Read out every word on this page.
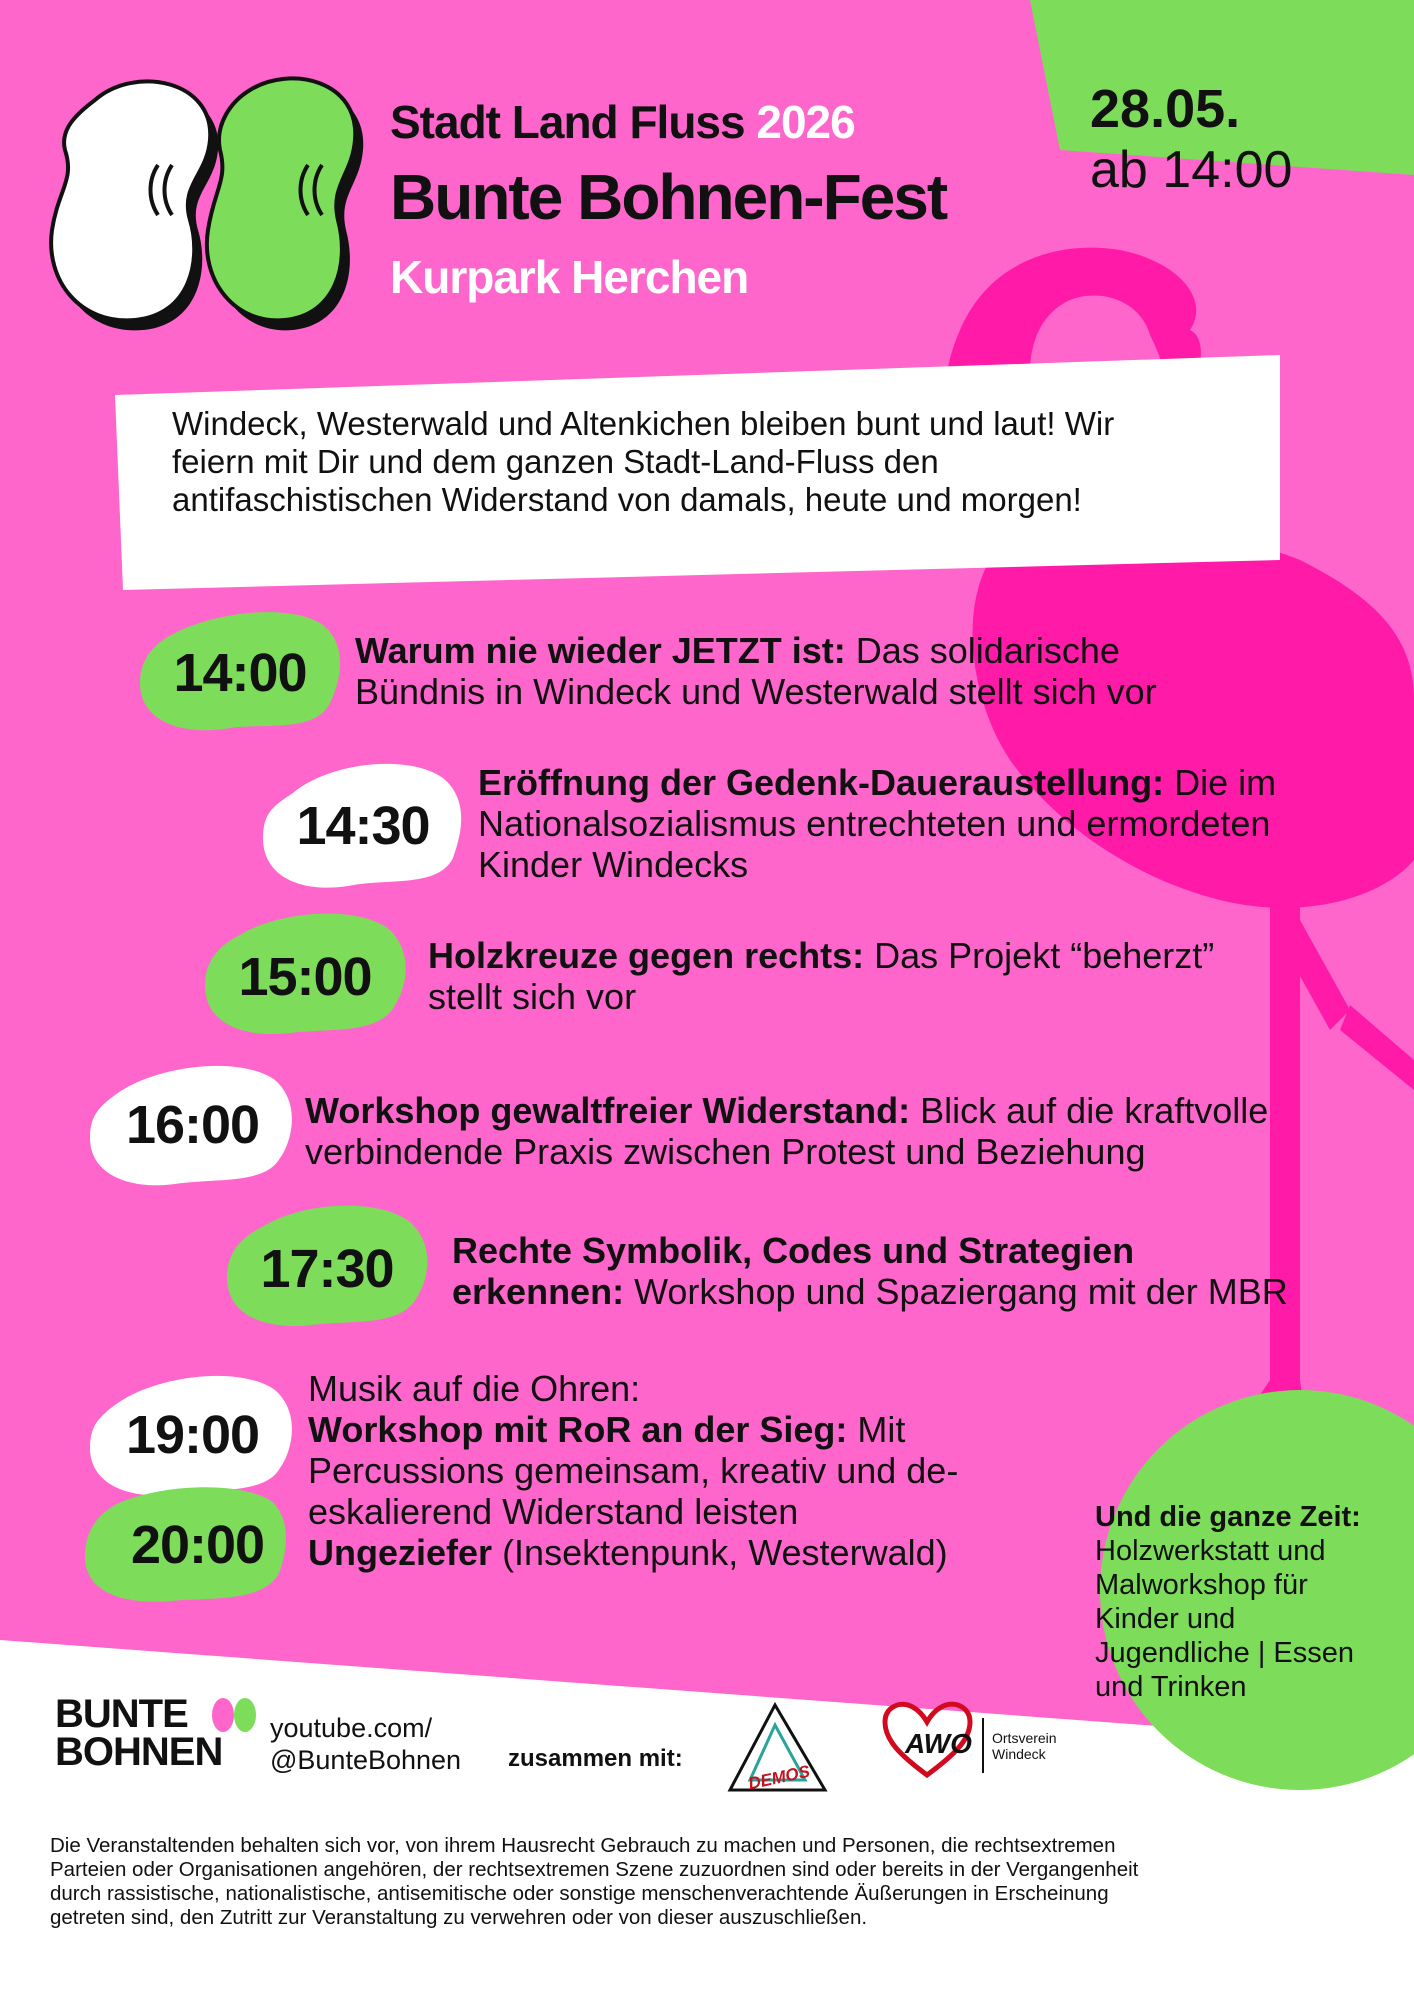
Stadt Land Fluss 2026
Bunte Bohnen-Fest
Kurpark Herchen
28.05.
ab 14:00
Windeck, Westerwald und Altenkichen bleiben bunt und laut! Wir
feiern mit Dir und dem ganzen Stadt-Land-Fluss den
antifaschistischen Widerstand von damals, heute und morgen!
14:00
14:30
15:00
16:00
17:30
19:00
20:00
Warum nie wieder JETZT ist: Das solidarische
Bündnis in Windeck und Westerwald stellt sich vor
Eröffnung der Gedenk-Daueraustellung: Die im
Nationalsozialismus entrechteten und ermordeten
Kinder Windecks
Holzkreuze gegen rechts: Das Projekt “beherzt”
stellt sich vor
Workshop gewaltfreier Widerstand: Blick auf die kraftvolle
verbindende Praxis zwischen Protest und Beziehung
Rechte Symbolik, Codes und Strategien
erkennen: Workshop und Spaziergang mit der MBR
Musik auf die Ohren:
Workshop mit RoR an der Sieg: Mit
Percussions gemeinsam, kreativ und de-
eskalierend Widerstand leisten
Ungeziefer (Insektenpunk, Westerwald)
Und die ganze Zeit:
Holzwerkstatt und
Malworkshop für
Kinder und
Jugendliche | Essen
und Trinken
BUNTE
BOHNEN
youtube.com/
@BunteBohnen zusammen mit:
DEMOS
AWO Ortsverein
Windeck
Die Veranstaltenden behalten sich vor, von ihrem Hausrecht Gebrauch zu machen und Personen, die rechtsextremen
Parteien oder Organisationen angehören, der rechtsextremen Szene zuzuordnen sind oder bereits in der Vergangenheit
durch rassistische, nationalistische, antisemitische oder sonstige menschenverachtende Äußerungen in Erscheinung
getreten sind, den Zutritt zur Veranstaltung zu verwehren oder von dieser auszuschließen.
